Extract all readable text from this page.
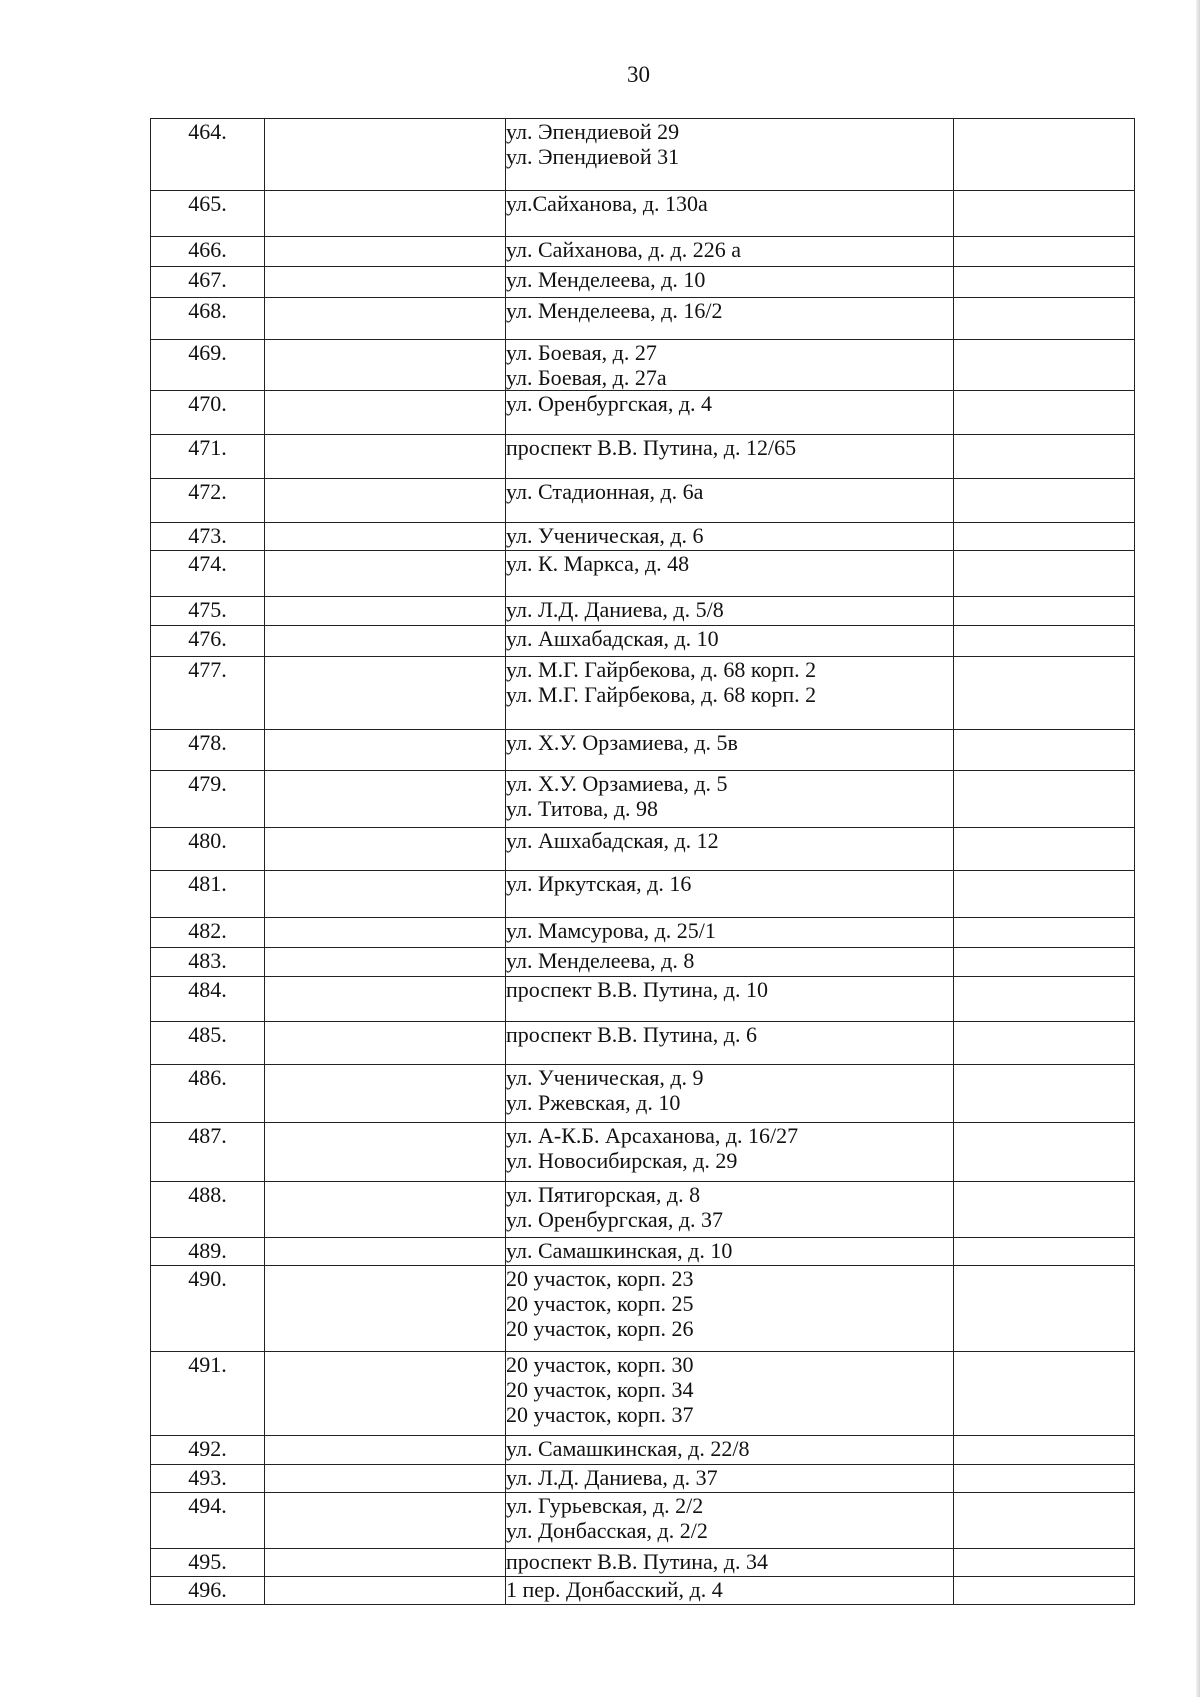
30
464.		ул. Эпендиевой 29
ул. Эпендиевой 31	

465.		ул.Сайханова, д. 130а	

466.		ул. Сайханова, д. д. 226 а	

467.		ул. Менделеева, д. 10	

468.		ул. Менделеева, д. 16/2	

469.		ул. Боевая, д. 27
ул. Боевая, д. 27а	

470.		ул. Оренбургская, д. 4	

471.		проспект В.В. Путина, д. 12/65	

472.		ул. Стадионная, д. 6а	

473.		ул. Ученическая, д. 6	

474.		ул. К. Маркса, д. 48	

475.		ул. Л.Д. Даниева, д. 5/8	

476.		ул. Ашхабадская, д. 10	

477.		ул. М.Г. Гайрбекова, д. 68 корп. 2
ул. М.Г. Гайрбекова, д. 68 корп. 2	

478.		ул. Х.У. Орзамиева, д. 5в	

479.		ул. Х.У. Орзамиева, д. 5
ул. Титова, д. 98	

480.		ул. Ашхабадская, д. 12	

481.		ул. Иркутская, д. 16	

482.		ул. Мамсурова, д. 25/1	

483.		ул. Менделеева, д. 8	

484.		проспект В.В. Путина, д. 10	

485.		проспект В.В. Путина, д. 6	

486.		ул. Ученическая, д. 9
ул. Ржевская, д. 10	

487.		ул. А-К.Б. Арсаханова, д. 16/27
ул. Новосибирская, д. 29	

488.		ул. Пятигорская, д. 8
ул. Оренбургская, д. 37	

489.		ул. Самашкинская, д. 10	

490.		20 участок, корп. 23
20 участок, корп. 25
20 участок, корп. 26	

491.		20 участок, корп. 30
20 участок, корп. 34
20 участок, корп. 37	

492.		ул. Самашкинская, д. 22/8	

493.		ул. Л.Д. Даниева, д. 37	

494.		ул. Гурьевская, д. 2/2
ул. Донбасская, д. 2/2	

495.		проспект В.В. Путина, д. 34	

496.		1 пер. Донбасский, д. 4	
